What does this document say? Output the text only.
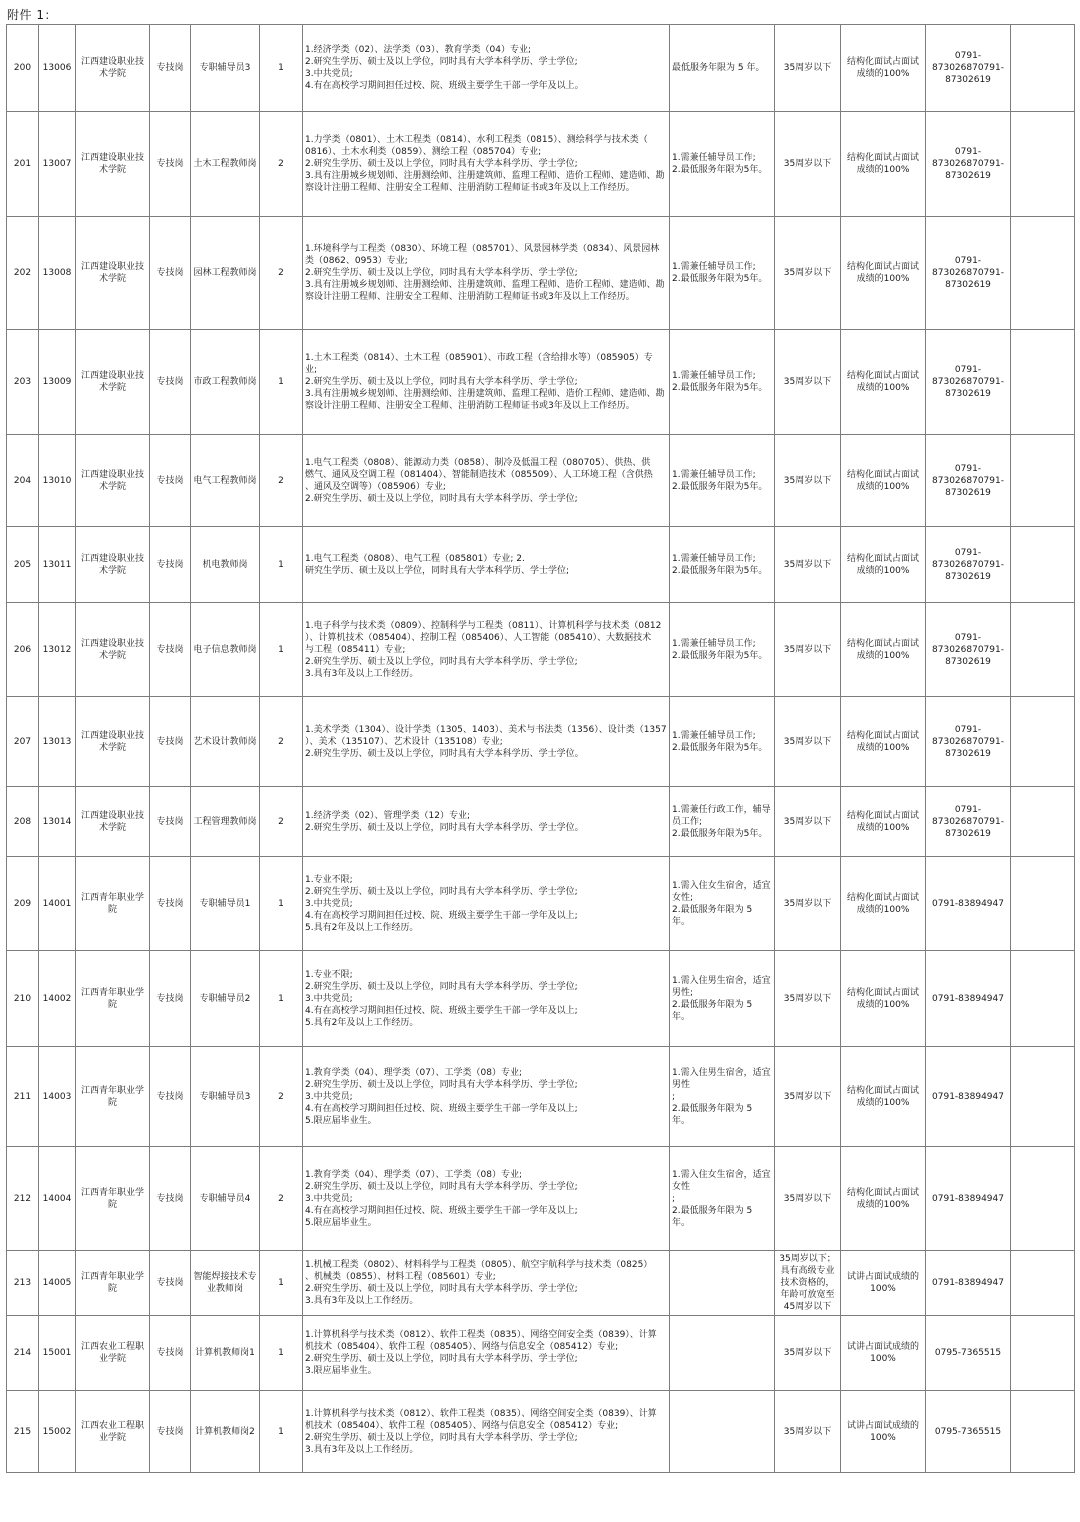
附件 1：
200	13006	江西建设职业技术学院	专技岗	专职辅导员3	1	1.经济学类（02）、法学类（03）、教育学类（04）专业;
2.研究生学历、硕士及以上学位，同时具有大学本科学历、学士学位;
3.中共党员;
4.有在高校学习期间担任过校、院、班级主要学生干部一学年及以上。	最低服务年限为 5 年。	35周岁以下	结构化面试占面试成绩的100%	0791-873026870791-87302619	
201	13007	江西建设职业技术学院	专技岗	土木工程教师岗	2	1.力学类（0801）、土木工程类（0814）、水利工程类（0815）、测绘科学与技术类（
0816）、土木水利类（0859）、测绘工程（085704）专业;
2.研究生学历、硕士及以上学位，同时具有大学本科学历、学士学位;
3.具有注册城乡规划师、注册测绘师、注册建筑师、监理工程师、造价工程师、建造师、勘
察设计注册工程师、注册安全工程师、注册消防工程师证书或3年及以上工作经历。	1.需兼任辅导员工作;
2.最低服务年限为5年。	35周岁以下	结构化面试占面试成绩的100%	0791-873026870791-87302619	
202	13008	江西建设职业技术学院	专技岗	园林工程教师岗	2	1.环境科学与工程类（0830）、环境工程（085701）、风景园林学类（0834）、风景园林
类（0862、0953）专业;
2.研究生学历、硕士及以上学位，同时具有大学本科学历、学士学位;
3.具有注册城乡规划师、注册测绘师、注册建筑师、监理工程师、造价工程师、建造师、勘
察设计注册工程师、注册安全工程师、注册消防工程师证书或3年及以上工作经历。	1.需兼任辅导员工作;
2.最低服务年限为5年。	35周岁以下	结构化面试占面试成绩的100%	0791-873026870791-87302619	
203	13009	江西建设职业技术学院	专技岗	市政工程教师岗	1	1.土木工程类（0814）、土木工程（085901）、市政工程（含给排水等）（085905）专
业;
2.研究生学历、硕士及以上学位，同时具有大学本科学历、学士学位;
3.具有注册城乡规划师、注册测绘师、注册建筑师、监理工程师、造价工程师、建造师、勘
察设计注册工程师、注册安全工程师、注册消防工程师证书或3年及以上工作经历。	1.需兼任辅导员工作;
2.最低服务年限为5年。	35周岁以下	结构化面试占面试成绩的100%	0791-873026870791-87302619	
204	13010	江西建设职业技术学院	专技岗	电气工程教师岗	2	1.电气工程类（0808）、能源动力类（0858）、制冷及低温工程（080705）、供热、供
燃气、通风及空调工程（081404）、智能制造技术（085509）、人工环境工程（含供热
、通风及空调等）（085906）专业;
2.研究生学历、硕士及以上学位，同时具有大学本科学历、学士学位;	1.需兼任辅导员工作;
2.最低服务年限为5年。	35周岁以下	结构化面试占面试成绩的100%	0791-873026870791-87302619	
205	13011	江西建设职业技术学院	专技岗	机电教师岗	1	1.电气工程类（0808）、电气工程（085801）专业; 2.
研究生学历、硕士及以上学位，同时具有大学本科学历、学士学位;	1.需兼任辅导员工作;
2.最低服务年限为5年。	35周岁以下	结构化面试占面试成绩的100%	0791-873026870791-87302619	
206	13012	江西建设职业技术学院	专技岗	电子信息教师岗	1	1.电子科学与技术类（0809）、控制科学与工程类（0811）、计算机科学与技术类（0812
）、计算机技术（085404）、控制工程（085406）、人工智能（085410）、大数据技术
与工程（085411）专业;
2.研究生学历、硕士及以上学位，同时具有大学本科学历、学士学位;
3.具有3年及以上工作经历。	1.需兼任辅导员工作;
2.最低服务年限为5年。	35周岁以下	结构化面试占面试成绩的100%	0791-873026870791-87302619	
207	13013	江西建设职业技术学院	专技岗	艺术设计教师岗	2	1.美术学类（1304）、设计学类（1305、1403）、美术与书法类（1356）、设计类（1357
）、美术（135107）、艺术设计（135108）专业;
2.研究生学历、硕士及以上学位，同时具有大学本科学历、学士学位。	1.需兼任辅导员工作;
2.最低服务年限为5年。	35周岁以下	结构化面试占面试成绩的100%	0791-873026870791-87302619	
208	13014	江西建设职业技术学院	专技岗	工程管理教师岗	2	1.经济学类（02）、管理学类（12）专业;
2.研究生学历、硕士及以上学位，同时具有大学本科学历、学士学位。	1.需兼任行政工作，辅导
员工作;
2.最低服务年限为5年。	35周岁以下	结构化面试占面试成绩的100%	0791-873026870791-87302619	
209	14001	江西青年职业学院	专技岗	专职辅导员1	1	1.专业不限;
2.研究生学历、硕士及以上学位，同时具有大学本科学历、学士学位;
3.中共党员;
4.有在高校学习期间担任过校、院、班级主要学生干部一学年及以上;
5.具有2年及以上工作经历。	1.需入住女生宿舍，适宜
女性;
2.最低服务年限为 5 年。	35周岁以下	结构化面试占面试成绩的100%	0791-83894947	
210	14002	江西青年职业学院	专技岗	专职辅导员2	1	1.专业不限;
2.研究生学历、硕士及以上学位，同时具有大学本科学历、学士学位;
3.中共党员;
4.有在高校学习期间担任过校、院、班级主要学生干部一学年及以上;
5.具有2年及以上工作经历。	1.需入住男生宿舍，适宜
男性;
2.最低服务年限为 5 年。	35周岁以下	结构化面试占面试成绩的100%	0791-83894947	
211	14003	江西青年职业学院	专技岗	专职辅导员3	2	1.教育学类（04）、理学类（07）、工学类（08）专业;
2.研究生学历、硕士及以上学位，同时具有大学本科学历、学士学位;
3.中共党员;
4.有在高校学习期间担任过校、院、班级主要学生干部一学年及以上;
5.限应届毕业生。	1.需入住男生宿舍，适宜男性
;
2.最低服务年限为 5 年。	35周岁以下	结构化面试占面试成绩的100%	0791-83894947	
212	14004	江西青年职业学院	专技岗	专职辅导员4	2	1.教育学类（04）、理学类（07）、工学类（08）专业;
2.研究生学历、硕士及以上学位，同时具有大学本科学历、学士学位;
3.中共党员;
4.有在高校学习期间担任过校、院、班级主要学生干部一学年及以上;
5.限应届毕业生。	1.需入住女生宿舍，适宜女性
;
2.最低服务年限为 5 年。	35周岁以下	结构化面试占面试成绩的100%	0791-83894947	
213	14005	江西青年职业学院	专技岗	智能焊接技术专业教师岗	1	1.机械工程类（0802）、材料科学与工程类（0805）、航空宇航科学与技术类（0825）
、机械类（0855）、材料工程（085601）专业;
2.研究生学历、硕士及以上学位，同时具有大学本科学历、学士学位;
3.具有3年及以上工作经历。		35周岁以下；具有高级专业技术资格的，年龄可放宽至45周岁以下	试讲占面试成绩的100%	0791-83894947	
214	15001	江西农业工程职业学院	专技岗	计算机教师岗1	1	1.计算机科学与技术类（0812）、软件工程类（0835）、网络空间安全类（0839）、计算
机技术（085404）、软件工程（085405）、网络与信息安全（085412）专业;
2.研究生学历、硕士及以上学位，同时具有大学本科学历、学士学位;
3.限应届毕业生。		35周岁以下	试讲占面试成绩的100%	0795-7365515	
215	15002	江西农业工程职业学院	专技岗	计算机教师岗2	1	1.计算机科学与技术类（0812）、软件工程类（0835）、网络空间安全类（0839）、计算
机技术（085404）、软件工程（085405）、网络与信息安全（085412）专业;
2.研究生学历、硕士及以上学位，同时具有大学本科学历、学士学位;
3.具有3年及以上工作经历。		35周岁以下	试讲占面试成绩的100%	0795-7365515	
